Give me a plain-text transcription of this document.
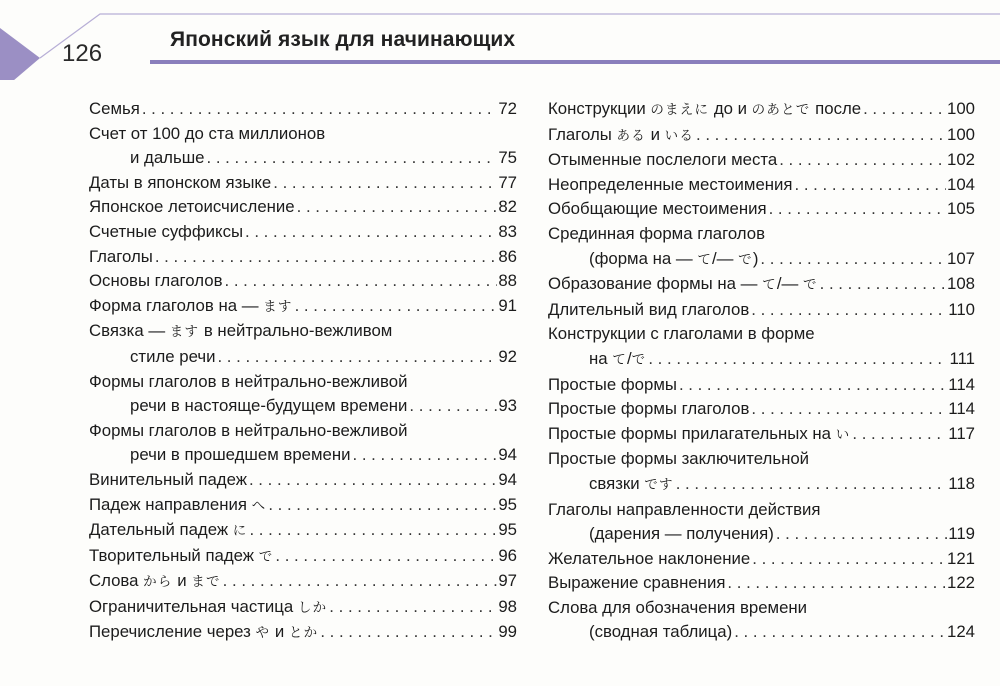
126
Японский язык для начинающих
Семья . . .	72
Счет от 100 до ста миллионов
и дальше . . .	75
Даты в японском языке . . .	77
Японское летоисчисление . . .	82
Счетные суффиксы . . .	83
Глаголы . . .	86
Основы глаголов . . .	88
Форма глаголов на — ます . . .	91
Связка — ます в нейтрально-вежливом
стиле речи . . .	92
Формы глаголов в нейтрально-вежливой
речи в настояще-будущем времени . . .	93
Формы глаголов в нейтрально-вежливой
речи в прошедшем времени . . .	94
Винительный падеж . . .	94
Падеж направления へ . . .	95
Дательный падеж に . . .	95
Творительный падеж で . . .	96
Слова から и まで . . .	97
Ограничительная частица しか . . .	98
Перечисление через や и とか . . .	99
Конструкции のまえに до и のあとで после . . .	100
Глаголы ある и いる . . .	100
Отыменные послелоги места . . .	102
Неопределенные местоимения . . .	104
Обобщающие местоимения . . .	105
Срединная форма глаголов
(форма на — て/— で) . . .	107
Образование формы на — て/— で . . .	108
Длительный вид глаголов . . .	110
Конструкции с глаголами в форме
на て/で . . .	111
Простые формы . . .	114
Простые формы глаголов . . .	114
Простые формы прилагательных на い . . .	117
Простые формы заключительной
связки です . . .	118
Глаголы направленности действия
(дарения — получения) . . .	119
Желательное наклонение . . .	121
Выражение сравнения . . .	122
Слова для обозначения времени
(сводная таблица) . . .	124
